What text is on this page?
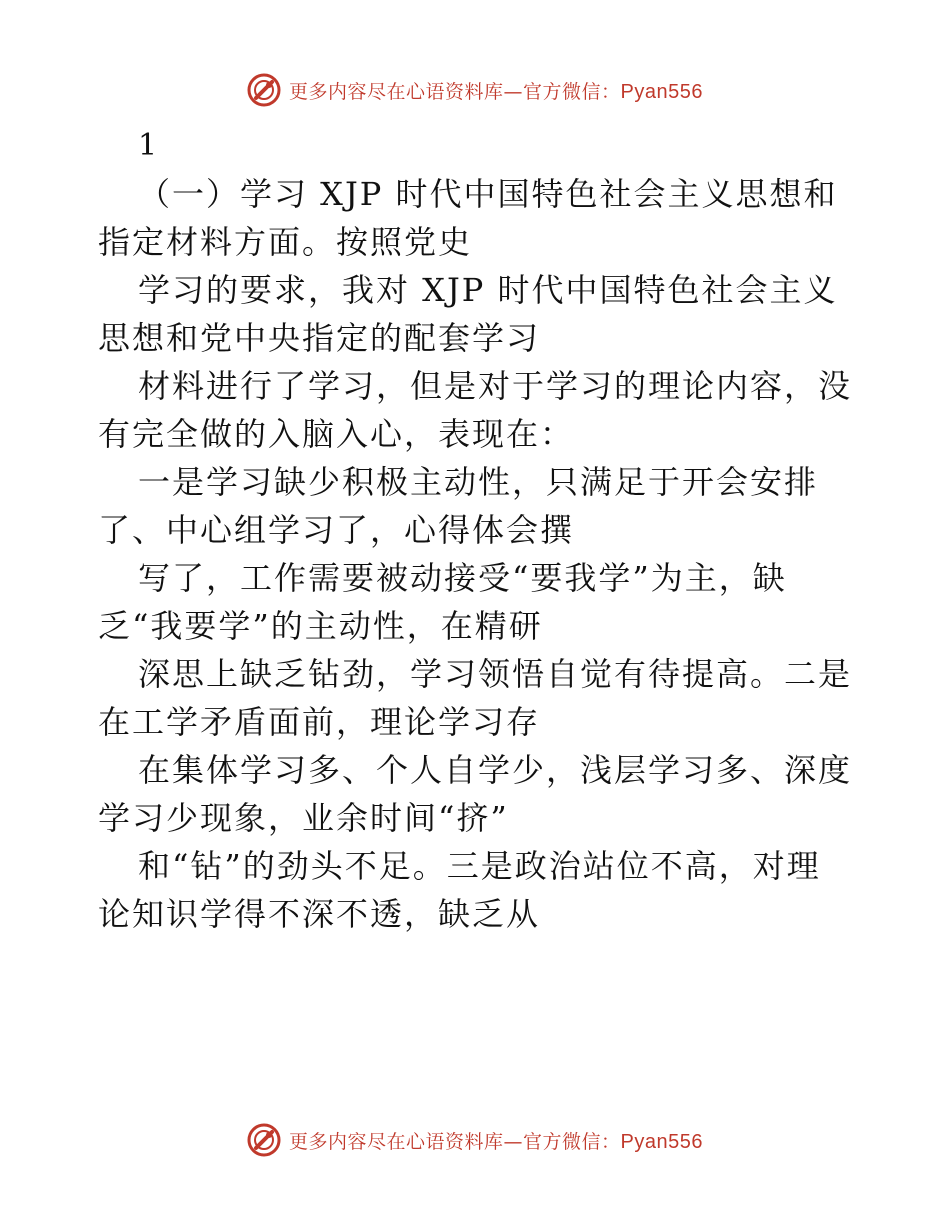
更多内容尽在心语资料库—官方微信：Pyan556
1
（一）学习 XJP 时代中国特色社会主义思想和
指定材料方面。按照党史
学习的要求，我对 XJP 时代中国特色社会主义
思想和党中央指定的配套学习
材料进行了学习，但是对于学习的理论内容，没
有完全做的入脑入心，表现在：
一是学习缺少积极主动性，只满足于开会安排
了、中心组学习了，心得体会撰
写了，工作需要被动接受“要我学”为主，缺
乏“我要学”的主动性，在精研
深思上缺乏钻劲，学习领悟自觉有待提高。二是
在工学矛盾面前，理论学习存
在集体学习多、个人自学少，浅层学习多、深度
学习少现象，业余时间“挤”
和“钻”的劲头不足。三是政治站位不高，对理
论知识学得不深不透，缺乏从
更多内容尽在心语资料库—官方微信：Pyan556
